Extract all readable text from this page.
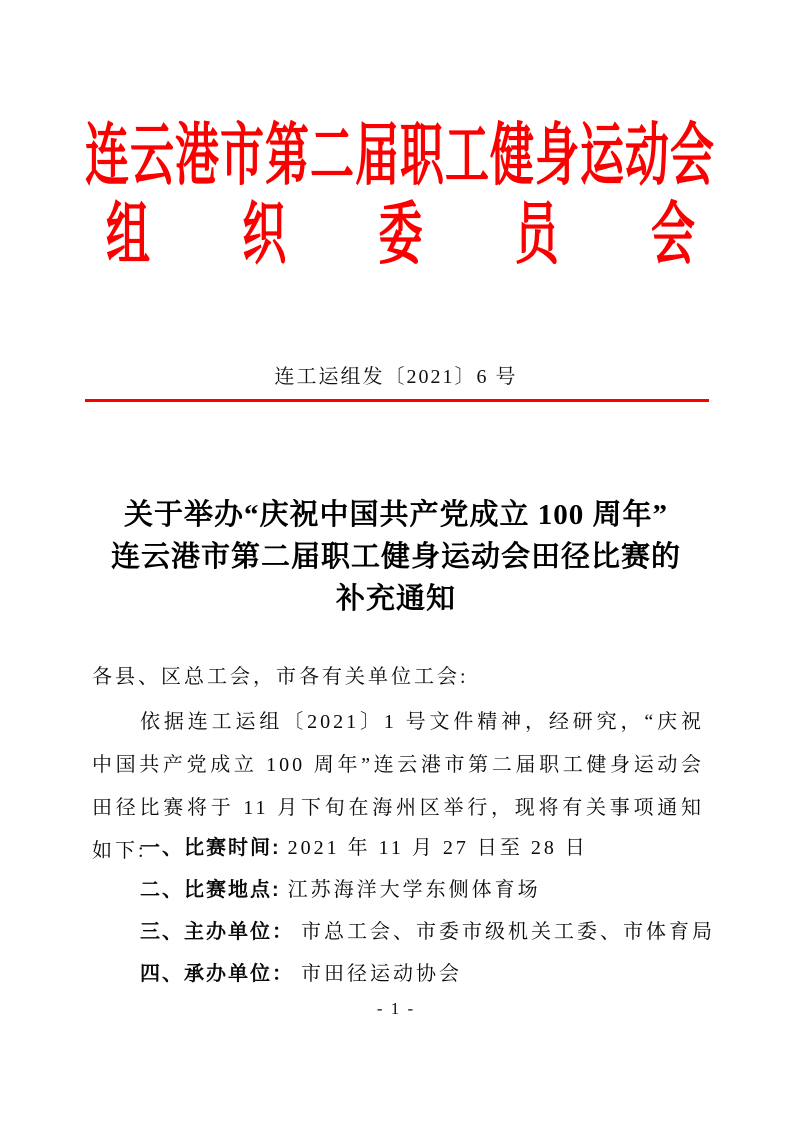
连云港市第二届职工健身运动会
组 织 委 员 会
连工运组发〔2021〕6 号
关于举办“庆祝中国共产党成立 100 周年”
连云港市第二届职工健身运动会田径比赛的
补充通知
各县、区总工会，市各有关单位工会:
依据连工运组〔2021〕1 号文件精神，经研究，“庆祝中国共产党成立 100 周年”连云港市第二届职工健身运动会田径比赛将于 11 月下旬在海州区举行，现将有关事项通知如下:
一、比赛时间: 2021 年 11 月 27 日至 28 日
二、比赛地点: 江苏海洋大学东侧体育场
三、主办单位： 市总工会、市委市级机关工委、市体育局
四、承办单位： 市田径运动协会
- 1 -
